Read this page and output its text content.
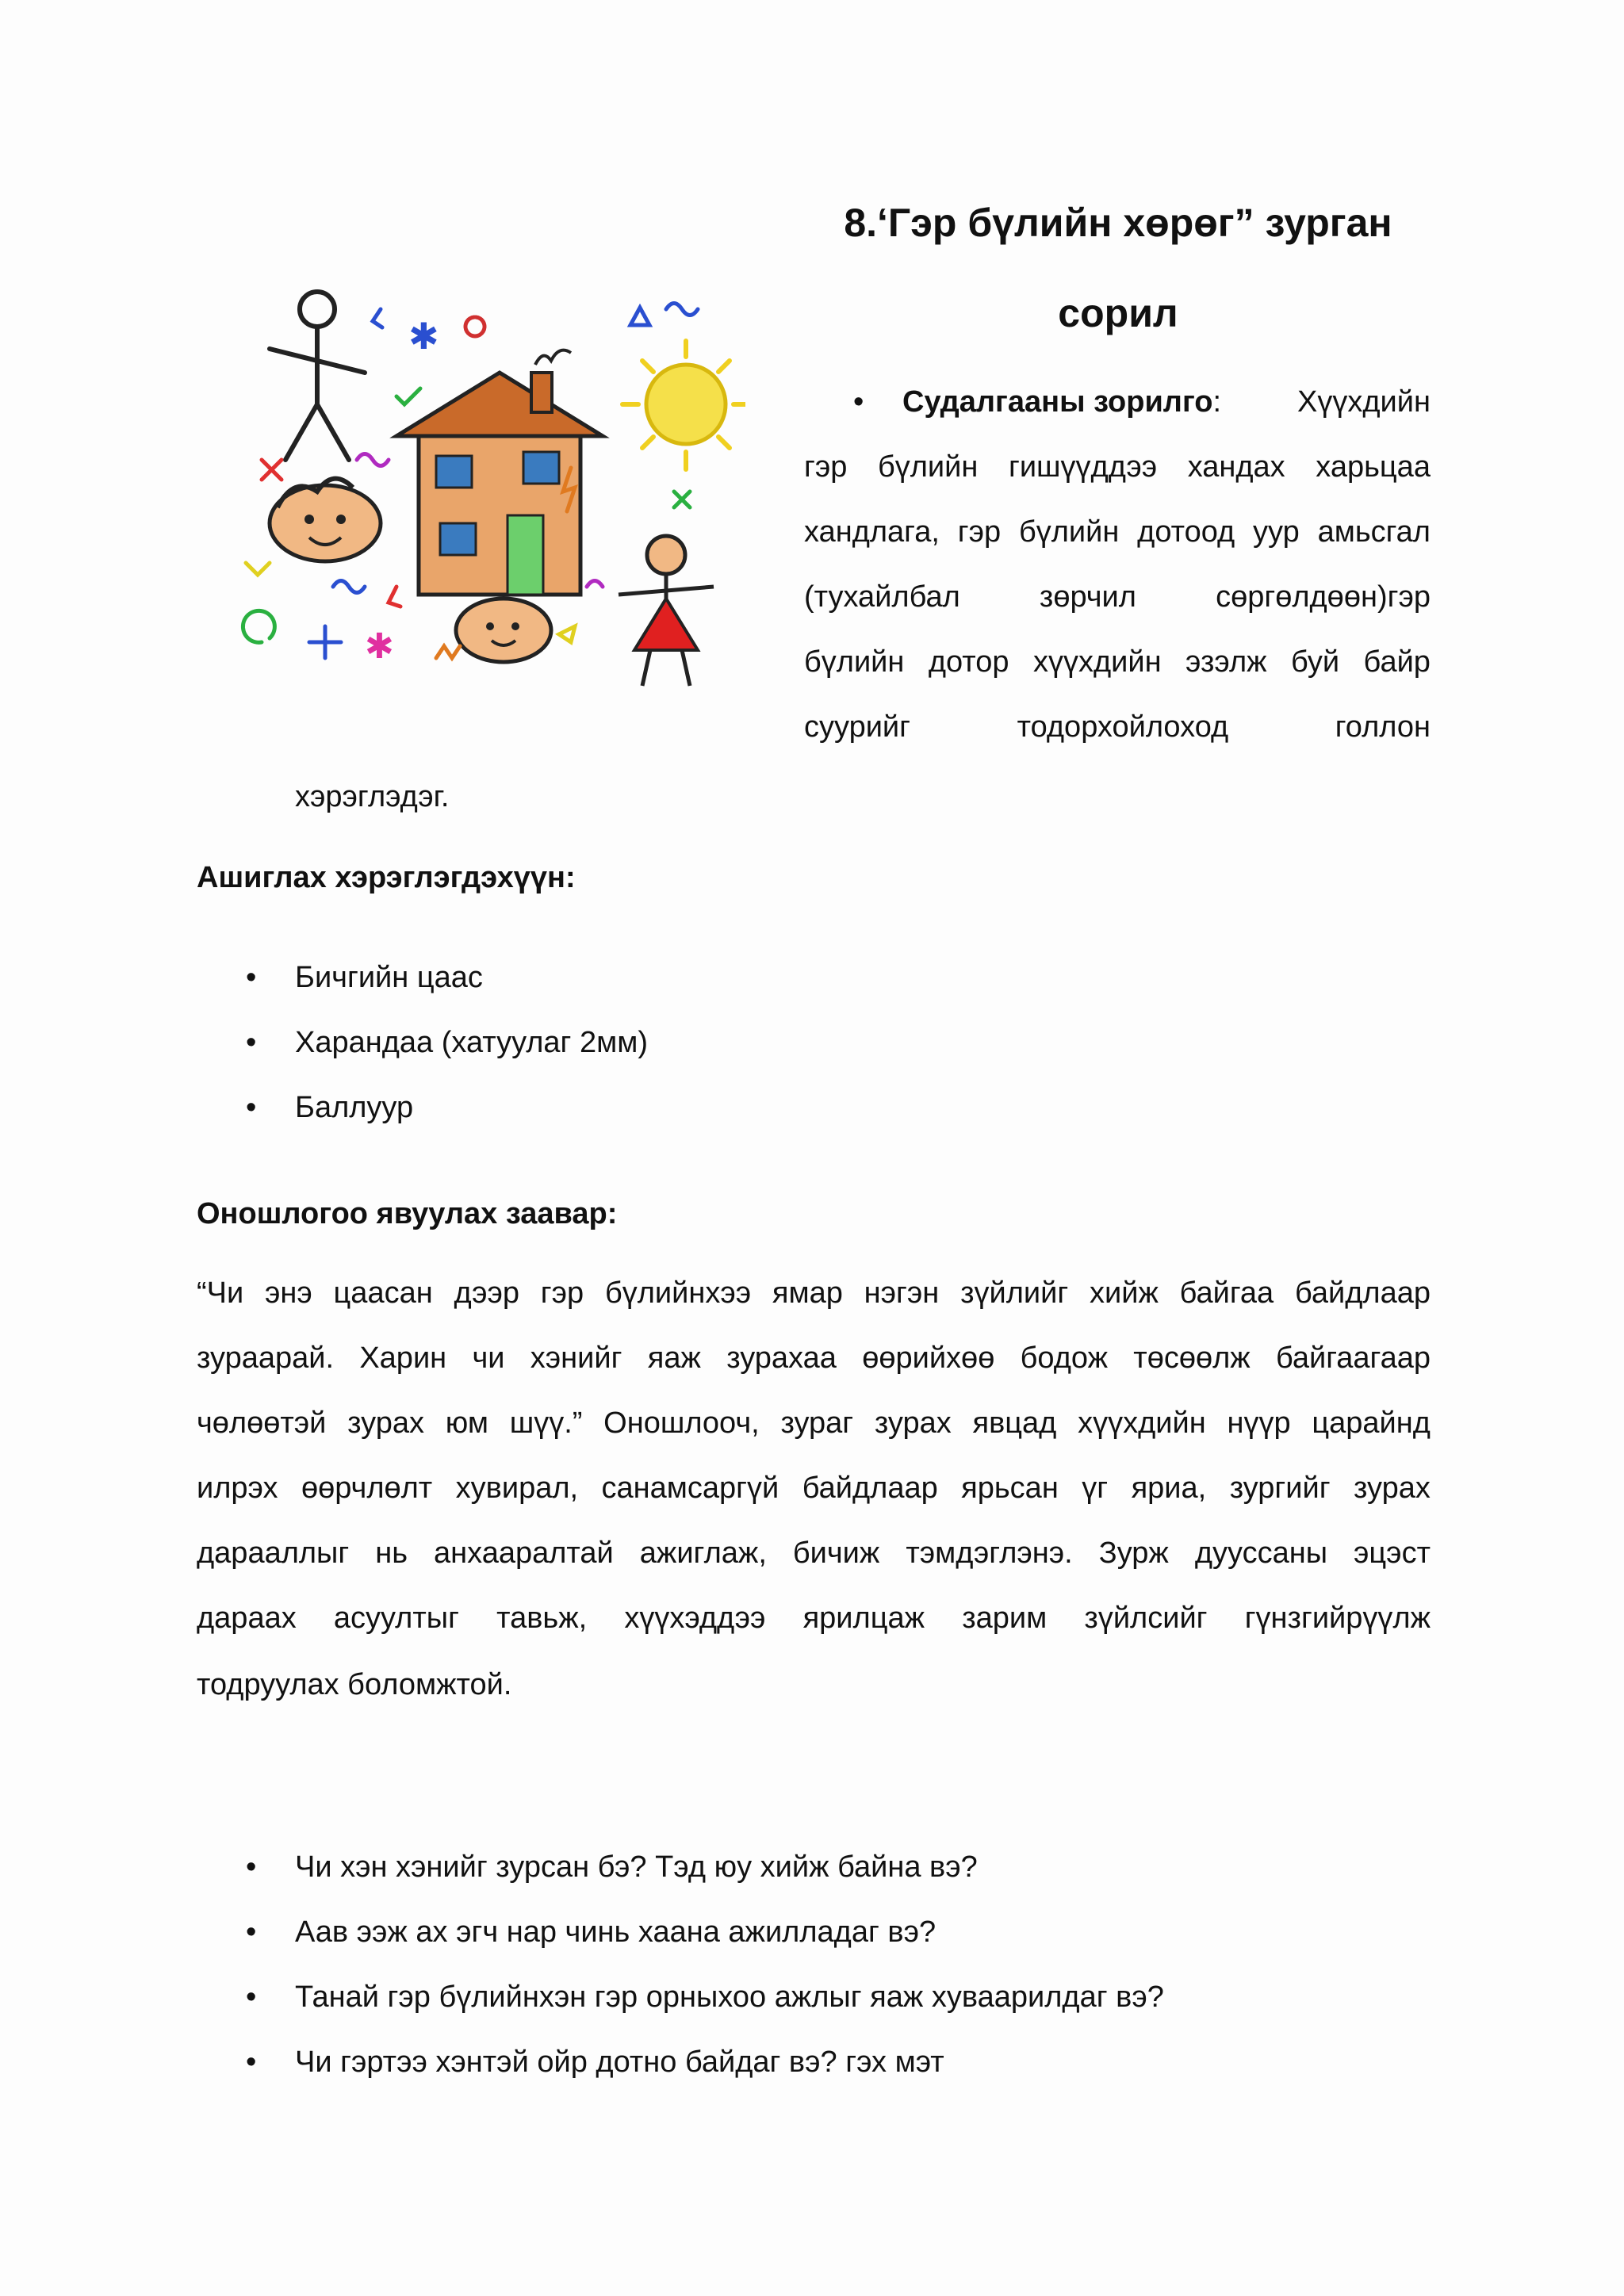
8.‘Гэр бүлийн хөрөг” зурган
сорил
✱
✱
• Судалгааны зорилго:	Хүүхдийн
гэр бүлийн гишүүддээ хандах харьцаа
хандлага, гэр бүлийн дотоод уур амьсгал
(тухайлбал	зөрчил	сөргөлдөөн)гэр
бүлийн дотор хүүхдийн эзэлж буй байр
суурийг	тодорхойлоход	голлон
хэрэглэдэг.
Ашиглах хэрэглэгдэхүүн:
• Бичгийн цаас
• Харандаа (хатуулаг 2мм)
• Баллуур
Оношлогоо явуулах заавар:
“Чи энэ цаасан дээр гэр бүлийнхээ ямар нэгэн зүйлийг хийж байгаа байдлаар
зураарай. Харин чи хэнийг яаж зурахаа өөрийхөө бодож төсөөлж байгаагаар
чөлөөтэй зурах юм шүү.” Оношлооч, зураг зурах явцад хүүхдийн нүүр царайнд
илрэх өөрчлөлт хувирал, санамсаргүй байдлаар ярьсан үг яриа, зургийг зурах
дарааллыг нь анхааралтай ажиглаж, бичиж тэмдэглэнэ. Зурж дууссаны эцэст
дараах асуултыг тавьж, хүүхэддээ ярилцаж зарим зүйлсийг гүнзгийрүүлж
тодруулах боломжтой.
• Чи хэн хэнийг зурсан бэ? Тэд юу хийж байна вэ?
• Аав ээж ах эгч нар чинь хаана ажилладаг вэ?
• Танай гэр бүлийнхэн гэр орныхоо ажлыг яаж хуваарилдаг вэ?
• Чи гэртээ хэнтэй ойр дотно байдаг вэ? гэх мэт
